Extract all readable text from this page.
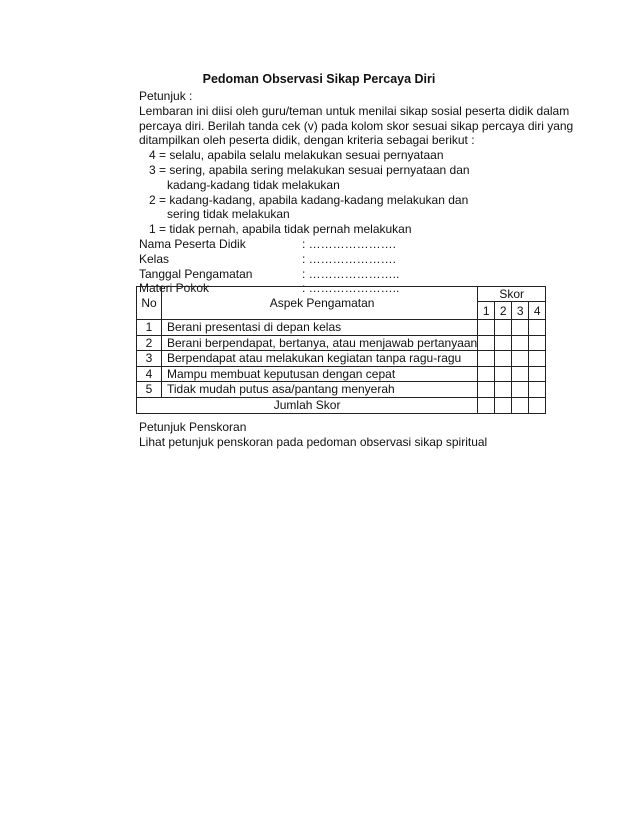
Pedoman Observasi Sikap Percaya Diri
Petunjuk :
Lembaran ini diisi oleh guru/teman untuk menilai sikap sosial peserta didik dalam
percaya diri. Berilah tanda cek (v) pada kolom skor sesuai sikap percaya diri yang
ditampilkan oleh peserta didik, dengan kriteria sebagai berikut :
4 = selalu, apabila selalu melakukan sesuai pernyataan
3 = sering, apabila sering melakukan sesuai pernyataan dan
kadang-kadang tidak melakukan
2 = kadang-kadang, apabila kadang-kadang melakukan dan
sering tidak melakukan
1 = tidak pernah, apabila tidak pernah melakukan
Nama Peserta Didik	: ………………….
Kelas	: ………………….
Tanggal Pengamatan	: …………………..
Materi Pokok	: …………………..
No	Aspek Pengamatan	Skor			
		1	2	3	4
1	Berani presentasi di depan kelas				
2	Berani berpendapat, bertanya, atau menjawab pertanyaan				
3	Berpendapat atau melakukan kegiatan tanpa ragu-ragu				
4	Mampu membuat keputusan dengan cepat				
5	Tidak mudah putus asa/pantang menyerah				
Jumlah Skor					
Petunjuk Penskoran
Lihat petunjuk penskoran pada pedoman observasi sikap spiritual
